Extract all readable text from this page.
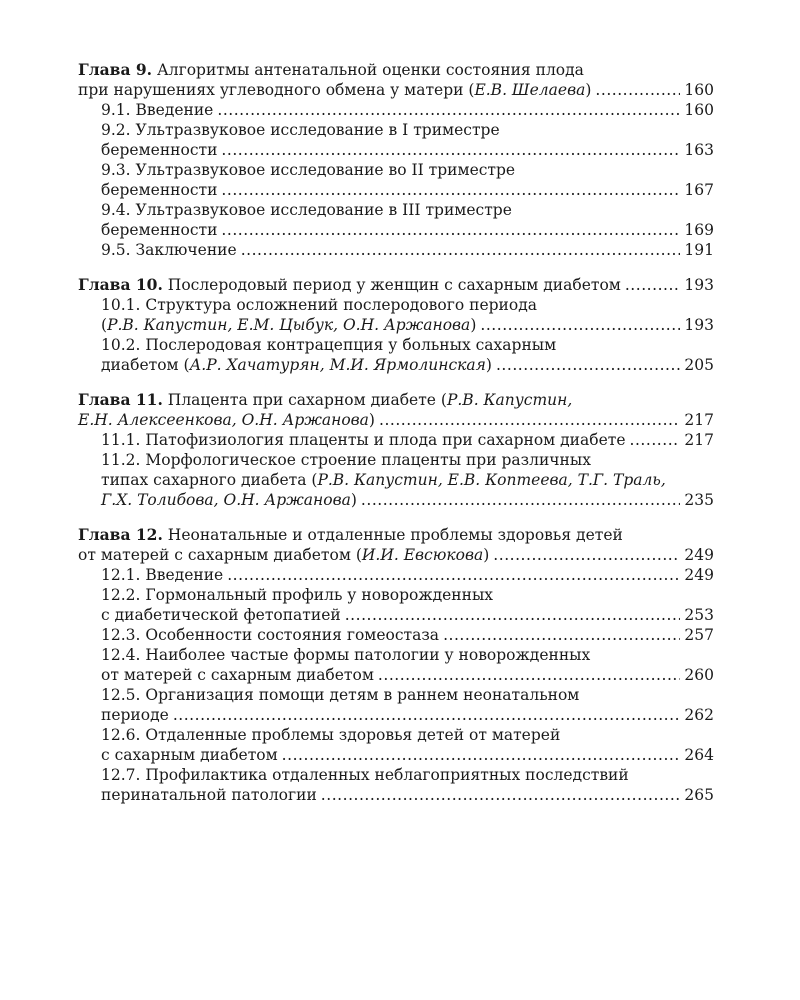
Глава 9. Алгоритмы антенатальной оценки состояния плода
при нарушениях углеводного обмена у матери (Е.В. Шелаева) . . .	160
9.1. Введение . . .	160
9.2. Ультразвуковое исследование в I триместре
беременности . . .	163
9.3. Ультразвуковое исследование во II триместре
беременности . . .	167
9.4. Ультразвуковое исследование в III триместре
беременности . . .	169
9.5. Заключение . . .	191
Глава 10. Послеродовый период у женщин с сахарным диабетом . . .	193
10.1. Структура осложнений послеродового периода
(Р.В. Капустин, Е.М. Цыбук, О.Н. Аржанова) . . .	193
10.2. Послеродовая контрацепция у больных сахарным
диабетом (А.Р. Хачатурян, М.И. Ярмолинская) . . .	205
Глава 11. Плацента при сахарном диабете (Р.В. Капустин,
Е.Н. Алексеенкова, О.Н. Аржанова) . . .	217
11.1. Патофизиология плаценты и плода при сахарном диабете . . .	217
11.2. Морфологическое строение плаценты при различных
типах сахарного диабета (Р.В. Капустин, Е.В. Коптеева, Т.Г. Траль,
Г.Х. Толибова, О.Н. Аржанова) . . .	235
Глава 12. Неонатальные и отдаленные проблемы здоровья детей
от матерей с сахарным диабетом (И.И. Евсюкова) . . .	249
12.1. Введение . . .	249
12.2. Гормональный профиль у новорожденных
с диабетической фетопатией . . .	253
12.3. Особенности состояния гомеостаза . . .	257
12.4. Наиболее частые формы патологии у новорожденных
от матерей с сахарным диабетом . . .	260
12.5. Организация помощи детям в раннем неонатальном
периоде . . .	262
12.6. Отдаленные проблемы здоровья детей от матерей
с сахарным диабетом . . .	264
12.7. Профилактика отдаленных неблагоприятных последствий
перинатальной патологии . . .	265
